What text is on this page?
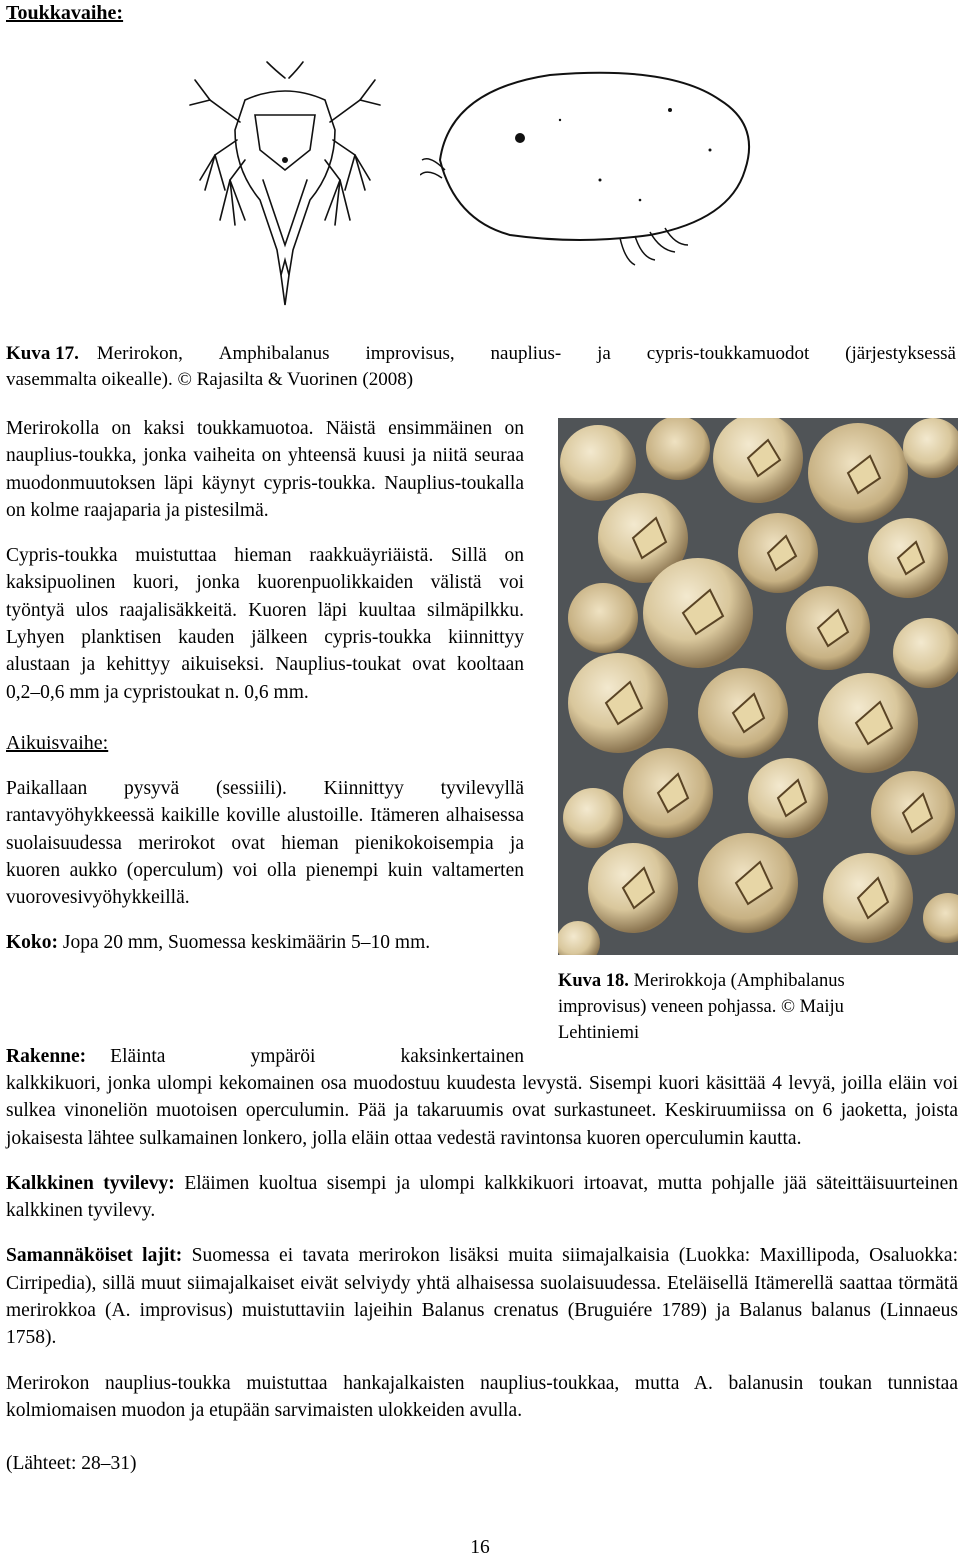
Toukkavaihe:

Kuva 17. Merirokon, Amphibalanus improvisus, nauplius- ja cypris-toukkamuodot (järjestyksessä

vasemmalta oikealle). © Rajasilta & Vuorinen (2008)

Merirokolla on kaksi toukkamuotoa. Näistä ensimmäinen on nauplius-toukka, jonka vaiheita on yhteensä kuusi ja niitä seuraa muodonmuutoksen läpi käynyt cypris-toukka. Nauplius-toukalla on kolme raajaparia ja pistesilmä.

Cypris-toukka muistuttaa hieman raakkuäyriäistä. Sillä on kaksipuolinen kuori, jonka kuorenpuolikkaiden välistä voi työntyä ulos raajalisäkkeitä. Kuoren läpi kuultaa silmäpilkku. Lyhyen planktisen kauden jälkeen cypris-toukka kiinnittyy alustaan ja kehittyy aikuiseksi. Nauplius-toukat ovat kooltaan 0,2–0,6 mm ja cypristoukat n. 0,6 mm.

Aikuisvaihe:

Paikallaan pysyvä (sessiili). Kiinnittyy tyvilevyllä rantavyöhykkeessä kaikille koville alustoille. Itämeren alhaisessa suolaisuudessa merirokot ovat hieman pienikokoisempia ja kuoren aukko (operculum) voi olla pienempi kuin valtamerten vuorovesivyöhykkeillä.

Koko: Jopa 20 mm, Suomessa keskimäärin 5–10 mm.

Kuva 18. Merirokkoja (Amphibalanus

improvisus) veneen pohjassa. © Maiju

Lehtiniemi

Rakenne: Eläinta	ympäröi	kaksinkertainen

kalkkikuori, jonka ulompi kekomainen osa muodostuu kuudesta levystä. Sisempi kuori käsittää 4 levyä, joilla eläin voi sulkea vinoneliön muotoisen operculumin. Pää ja takaruumis ovat surkastuneet. Keskiruumiissa on 6 jaoketta, joista jokaisesta lähtee sulkamainen lonkero, jolla eläin ottaa vedestä ravintonsa kuoren operculumin kautta.

Kalkkinen tyvilevy: Eläimen kuoltua sisempi ja ulompi kalkkikuori irtoavat, mutta pohjalle jää säteittäisuurteinen kalkkinen tyvilevy.

Samannäköiset lajit: Suomessa ei tavata merirokon lisäksi muita siimajalkaisia (Luokka: Maxillipoda, Osaluokka: Cirripedia), sillä muut siimajalkaiset eivät selviydy yhtä alhaisessa suolaisuudessa. Eteläisellä Itämerellä saattaa törmätä merirokkoa (A. improvisus) muistuttaviin lajeihin Balanus crenatus (Bruguiére 1789) ja Balanus balanus (Linnaeus 1758).

Merirokon nauplius-toukka muistuttaa hankajalkaisten nauplius-toukkaa, mutta A. balanusin toukan tunnistaa kolmiomaisen muodon ja etupään sarvimaisten ulokkeiden avulla.

(Lähteet: 28–31)

16
